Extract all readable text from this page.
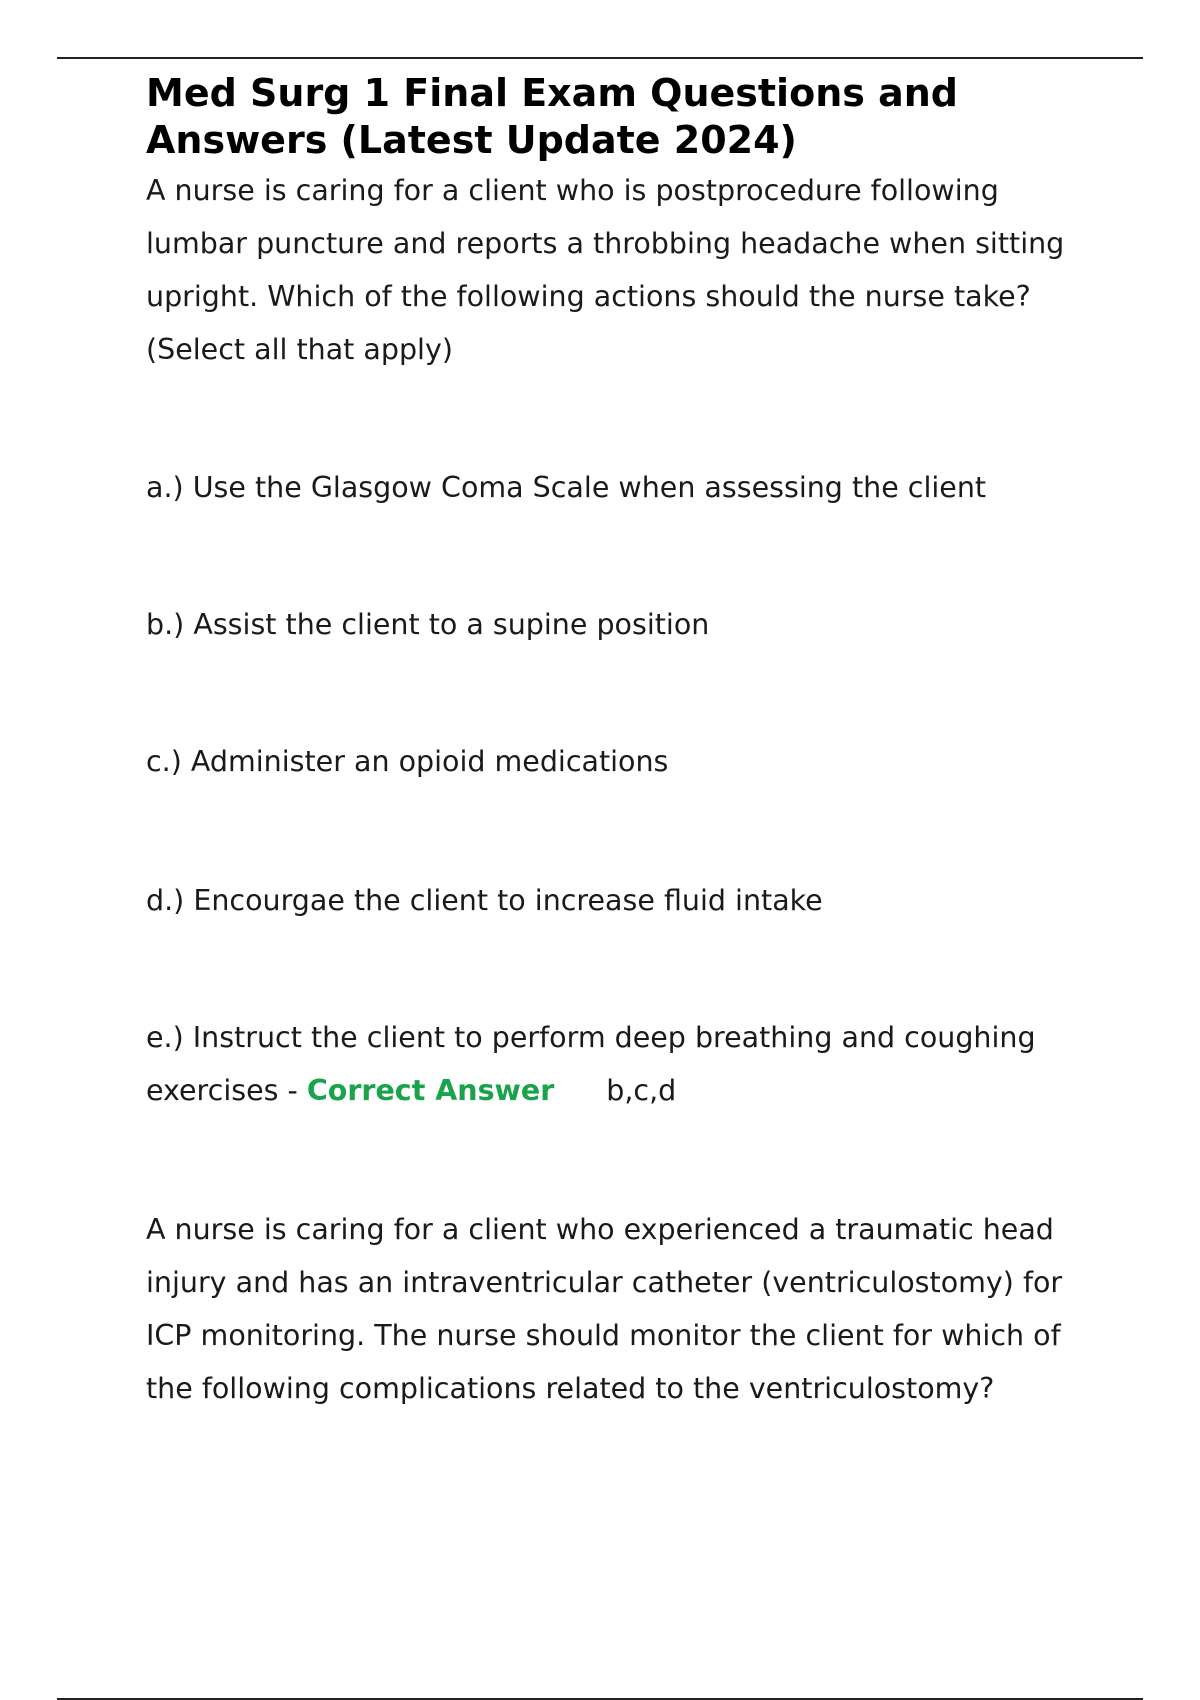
Med Surg 1 Final Exam Questions and Answers (Latest Update 2024)

A nurse is caring for a client who is postprocedure following lumbar puncture and reports a throbbing headache when sitting upright. Which of the following actions should the nurse take? (Select all that apply)

a.) Use the Glasgow Coma Scale when assessing the client

b.) Assist the client to a supine position

c.) Administer an opioid medications

d.) Encourgae the client to increase fluid intake

e.) Instruct the client to perform deep breathing and coughing exercises - Correct Answer b,c,d

A nurse is caring for a client who experienced a traumatic head injury and has an intraventricular catheter (ventriculostomy) for ICP monitoring. The nurse should monitor the client for which of the following complications related to the ventriculostomy?
